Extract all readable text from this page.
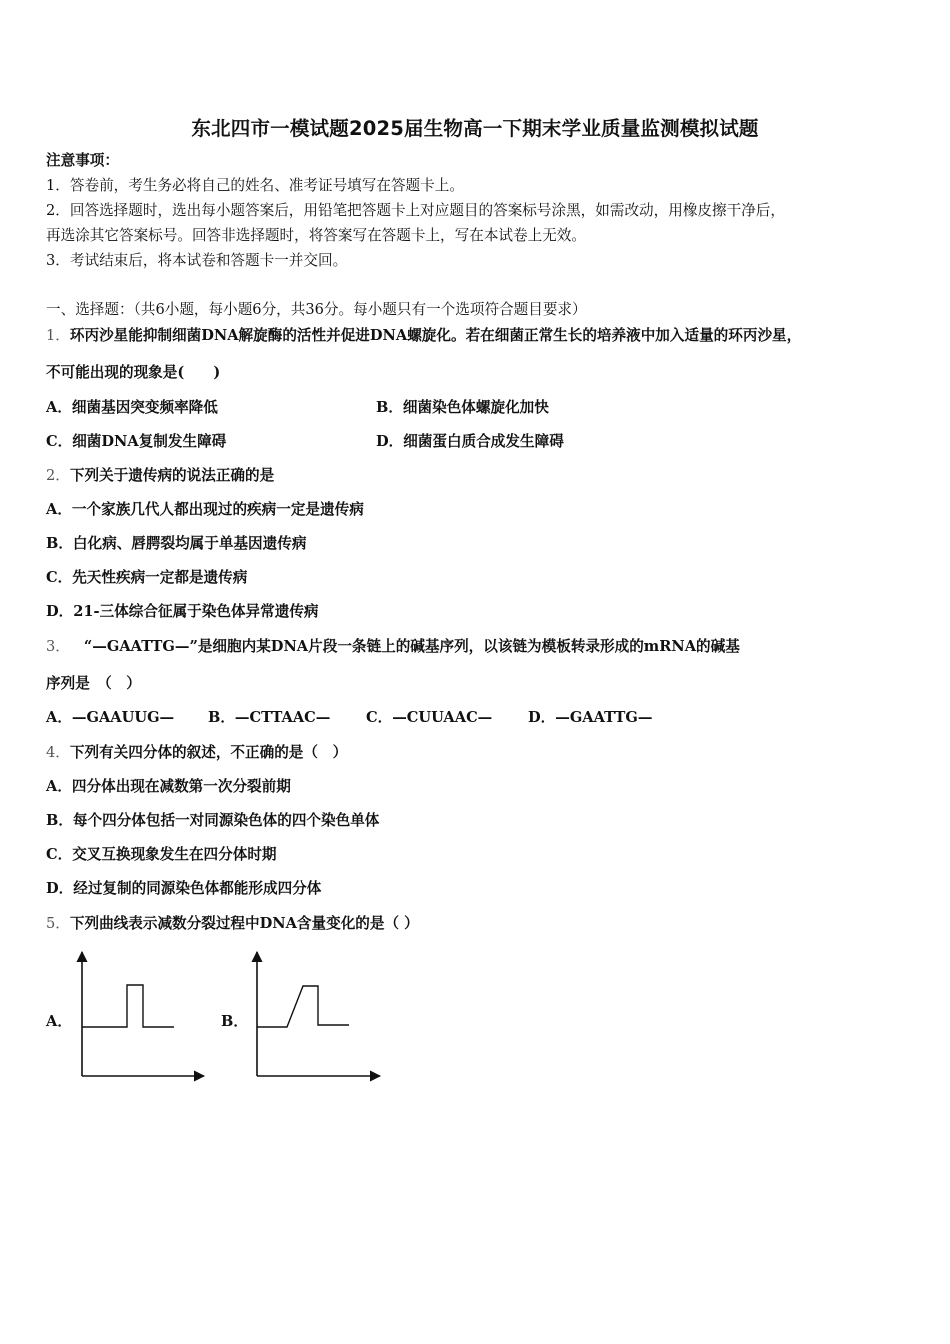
东北四市一模试题2025届生物高一下期末学业质量监测模拟试题
注意事项：
1．答卷前，考生务必将自己的姓名、准考证号填写在答题卡上。
2．回答选择题时，选出每小题答案后，用铅笔把答题卡上对应题目的答案标号涂黑，如需改动，用橡皮擦干净后，
再选涂其它答案标号。回答非选择题时，将答案写在答题卡上，写在本试卷上无效。
3．考试结束后，将本试卷和答题卡一并交回。
一、选择题：（共6小题，每小题6分，共36分。每小题只有一个选项符合题目要求）
1．环丙沙星能抑制细菌DNA解旋酶的活性并促进DNA螺旋化。若在细菌正常生长的培养液中加入适量的环丙沙星，
不可能出现的现象是(　　)
A．细菌基因突变频率降低	B．细菌染色体螺旋化加快
C．细菌DNA复制发生障碍	D．细菌蛋白质合成发生障碍
2．下列关于遗传病的说法正确的是
A．一个家族几代人都出现过的疾病一定是遗传病
B．白化病、唇腭裂均属于单基因遗传病
C．先天性疾病一定都是遗传病
D．21-三体综合征属于染色体异常遗传病
3． “—GAATTG—”是细胞内某DNA片段一条链上的碱基序列，以该链为模板转录形成的mRNA的碱基
序列是　（　）
A．—GAAUUG— B．—CTTAAC— C．—CUUAAC— D．—GAATTG—
4．下列有关四分体的叙述，不正确的是（　）
A．四分体出现在减数第一次分裂前期
B．每个四分体包括一对同源染色体的四个染色单体
C．交叉互换现象发生在四分体时期
D．经过复制的同源染色体都能形成四分体
5．下列曲线表示减数分裂过程中DNA含量变化的是（ ）
A．	B．
